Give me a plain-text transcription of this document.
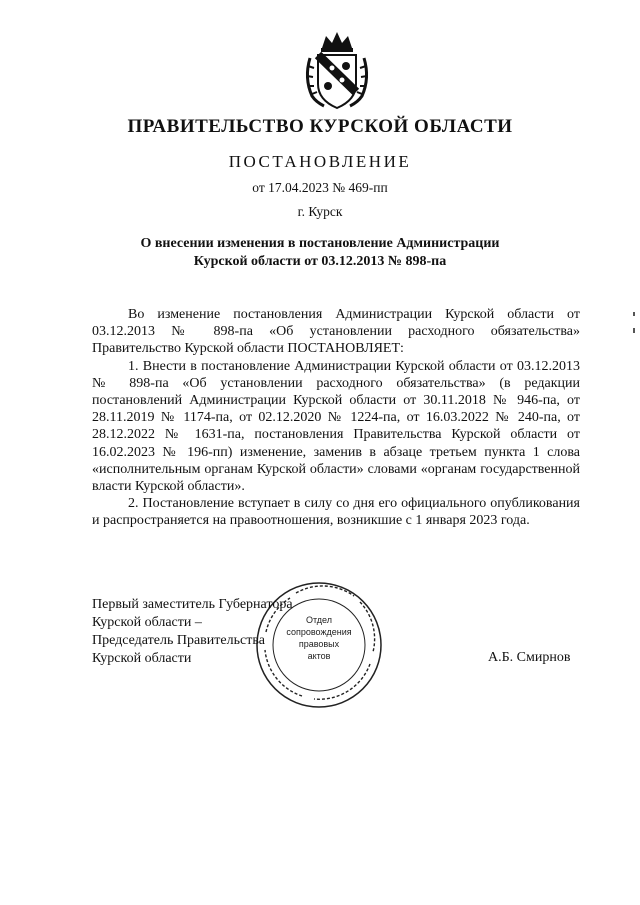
ПРАВИТЕЛЬСТВО КУРСКОЙ ОБЛАСТИ
ПОСТАНОВЛЕНИЕ
от 17.04.2023 № 469-пп
г. Курск
О внесении изменения в постановление Администрации
Курской области от 03.12.2013 № 898-па

Во изменение постановления Администрации Курской области от 03.12.2013 № 898-па «Об установлении расходного обязательства» Правительство Курской области ПОСТАНОВЛЯЕТ:

1. Внести в постановление Администрации Курской области от 03.12.2013 № 898-па «Об установлении расходного обязательства» (в редакции постановлений Администрации Курской области от 30.11.2018 № 946-па, от 28.11.2019 № 1174-па, от 02.12.2020 № 1224-па, от 16.03.2022 № 240-па, от 28.12.2022 № 1631-па, постановления Правительства Курской области от 16.02.2023 № 196-пп) изменение, заменив в абзаце третьем пункта 1 слова «исполнительным органам Курской области» словами «органам государственной власти Курской области».

2. Постановление вступает в силу со дня его официального опубликования и распространяется на правоотношения, возникшие с 1 января 2023 года.

Отдел
сопровождения
правовых
актов
Первый заместитель Губернатора
Курской области –
Председатель Правительства
Курской области	А.Б. Смирнов
